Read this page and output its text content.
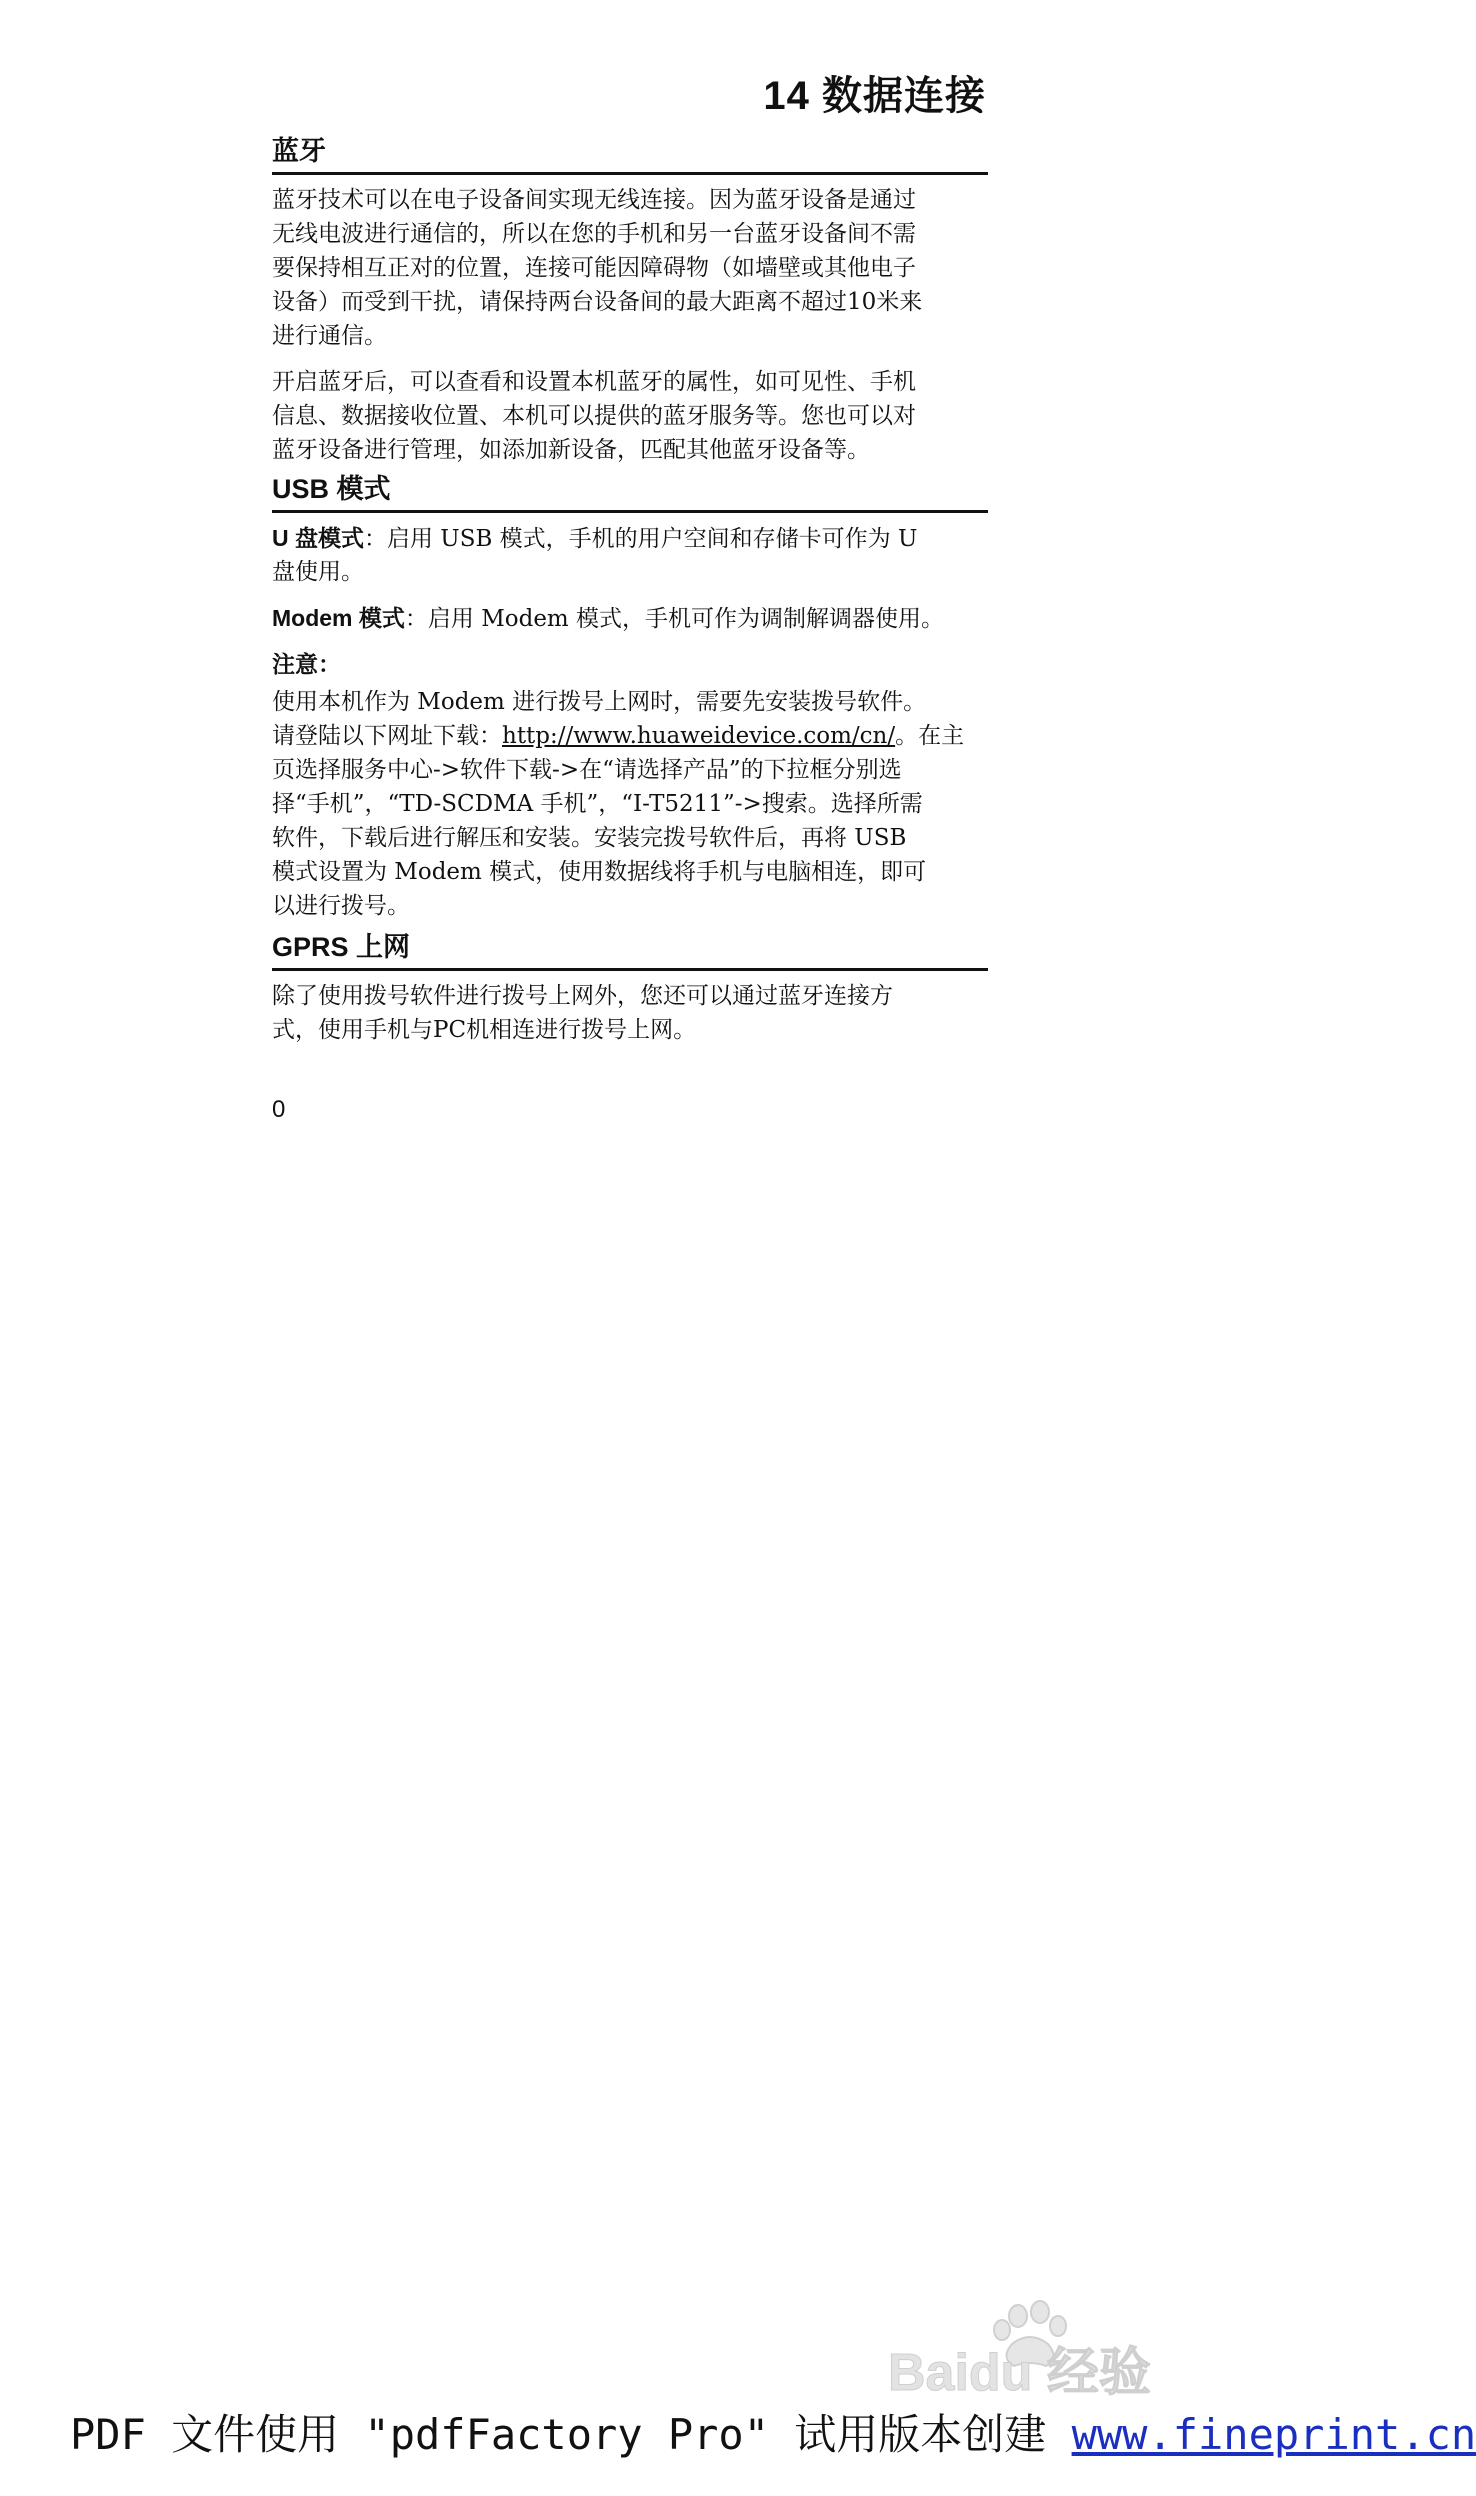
14 数据连接
蓝牙
蓝牙技术可以在电子设备间实现无线连接。因为蓝牙设备是通过
无线电波进行通信的，所以在您的手机和另一台蓝牙设备间不需
要保持相互正对的位置，连接可能因障碍物（如墙壁或其他电子
设备）而受到干扰，请保持两台设备间的最大距离不超过10米来
进行通信。
开启蓝牙后，可以查看和设置本机蓝牙的属性，如可见性、手机
信息、数据接收位置、本机可以提供的蓝牙服务等。您也可以对
蓝牙设备进行管理，如添加新设备，匹配其他蓝牙设备等。
USB 模式
U 盘模式：启用 USB 模式，手机的用户空间和存储卡可作为 U
盘使用。
Modem 模式：启用 Modem 模式，手机可作为调制解调器使用。
注意：
使用本机作为 Modem 进行拨号上网时，需要先安装拨号软件。
请登陆以下网址下载：http://www.huaweidevice.com/cn/。在主
页选择服务中心->软件下载->在“请选择产品”的下拉框分别选
择“手机”，“TD-SCDMA 手机”，“I-T5211”->搜索。选择所需
软件，下载后进行解压和安装。安装完拨号软件后，再将 USB
模式设置为 Modem 模式，使用数据线将手机与电脑相连，即可
以进行拨号。
GPRS 上网
除了使用拨号软件进行拨号上网外，您还可以通过蓝牙连接方
式，使用手机与PC机相连进行拨号上网。
0
Baidu 经验
PDF 文件使用 "pdfFactory Pro" 试用版本创建 www.fineprint.cn
